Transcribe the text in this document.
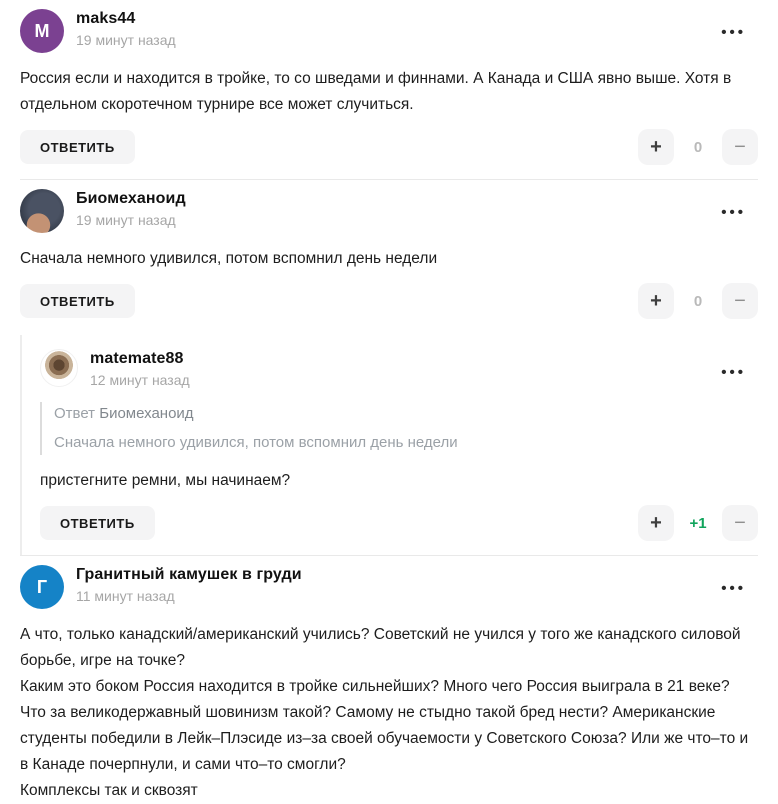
M
maks44
19 минут назад	•••

Россия если и находится в тройке, то со шведами и финнами. А Канада и США явно выше. Хотя в отдельном скоротечном турнире все может случиться.

ОТВЕТИТЬ	+	0	−
Биомеханоид
19 минут назад	•••

Сначала немного удивился, потом вспомнил день недели

ОТВЕТИТЬ	+	0	−
matemate88
12 минут назад	•••
Ответ Биомеханоид
Сначала немного удивился, потом вспомнил день недели

пристегните ремни, мы начинаем?

ОТВЕТИТЬ	+	+1	−
Г
Гранитный камушек в груди
11 минут назад	•••

А что, только канадский/американский учились? Советский не учился у того же канадского силовой борьбе, игре на точке?

Каким это боком Россия находится в тройке сильнейших? Много чего Россия выиграла в 21 веке? Что за великодержавный шовинизм такой? Самому не стыдно такой бред нести? Американские студенты победили в Лейк–Плэсиде из–за своей обучаемости у Советского Союза? Или же что–то и в Канаде почерпнули, и сами что–то смогли?

Комплексы так и сквозят
